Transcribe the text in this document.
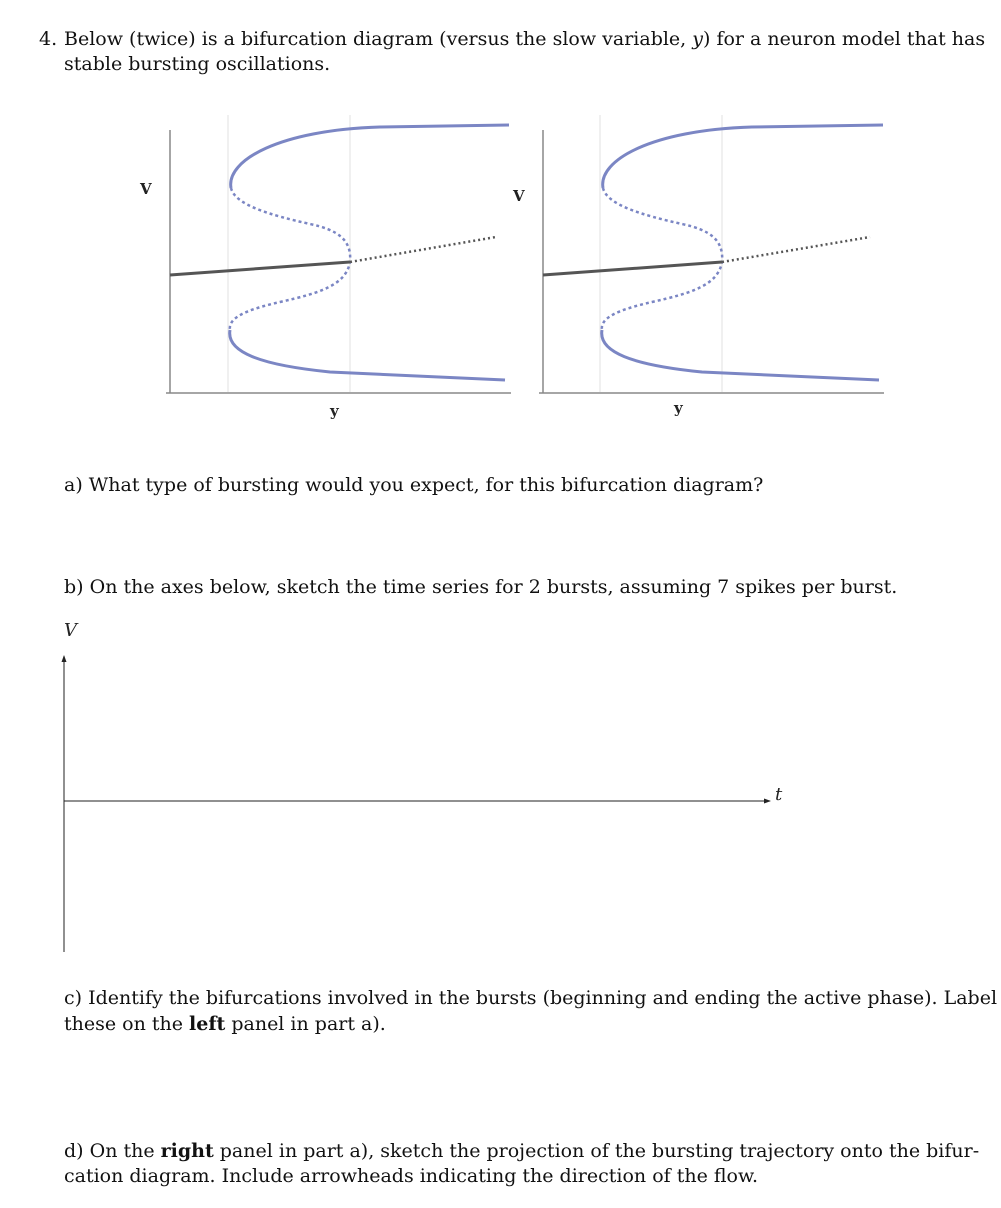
4. Below (twice) is a bifurcation diagram (versus the slow variable, y) for a neuron model that has
stable bursting oscillations.
V
y
V
y
V
t
a) What type of bursting would you expect, for this bifurcation diagram?
b) On the axes below, sketch the time series for 2 bursts, assuming 7 spikes per burst.
c) Identify the bifurcations involved in the bursts (beginning and ending the active phase). Label
these on the left panel in part a).
d) On the right panel in part a), sketch the projection of the bursting trajectory onto the bifur-
cation diagram. Include arrowheads indicating the direction of the flow.
